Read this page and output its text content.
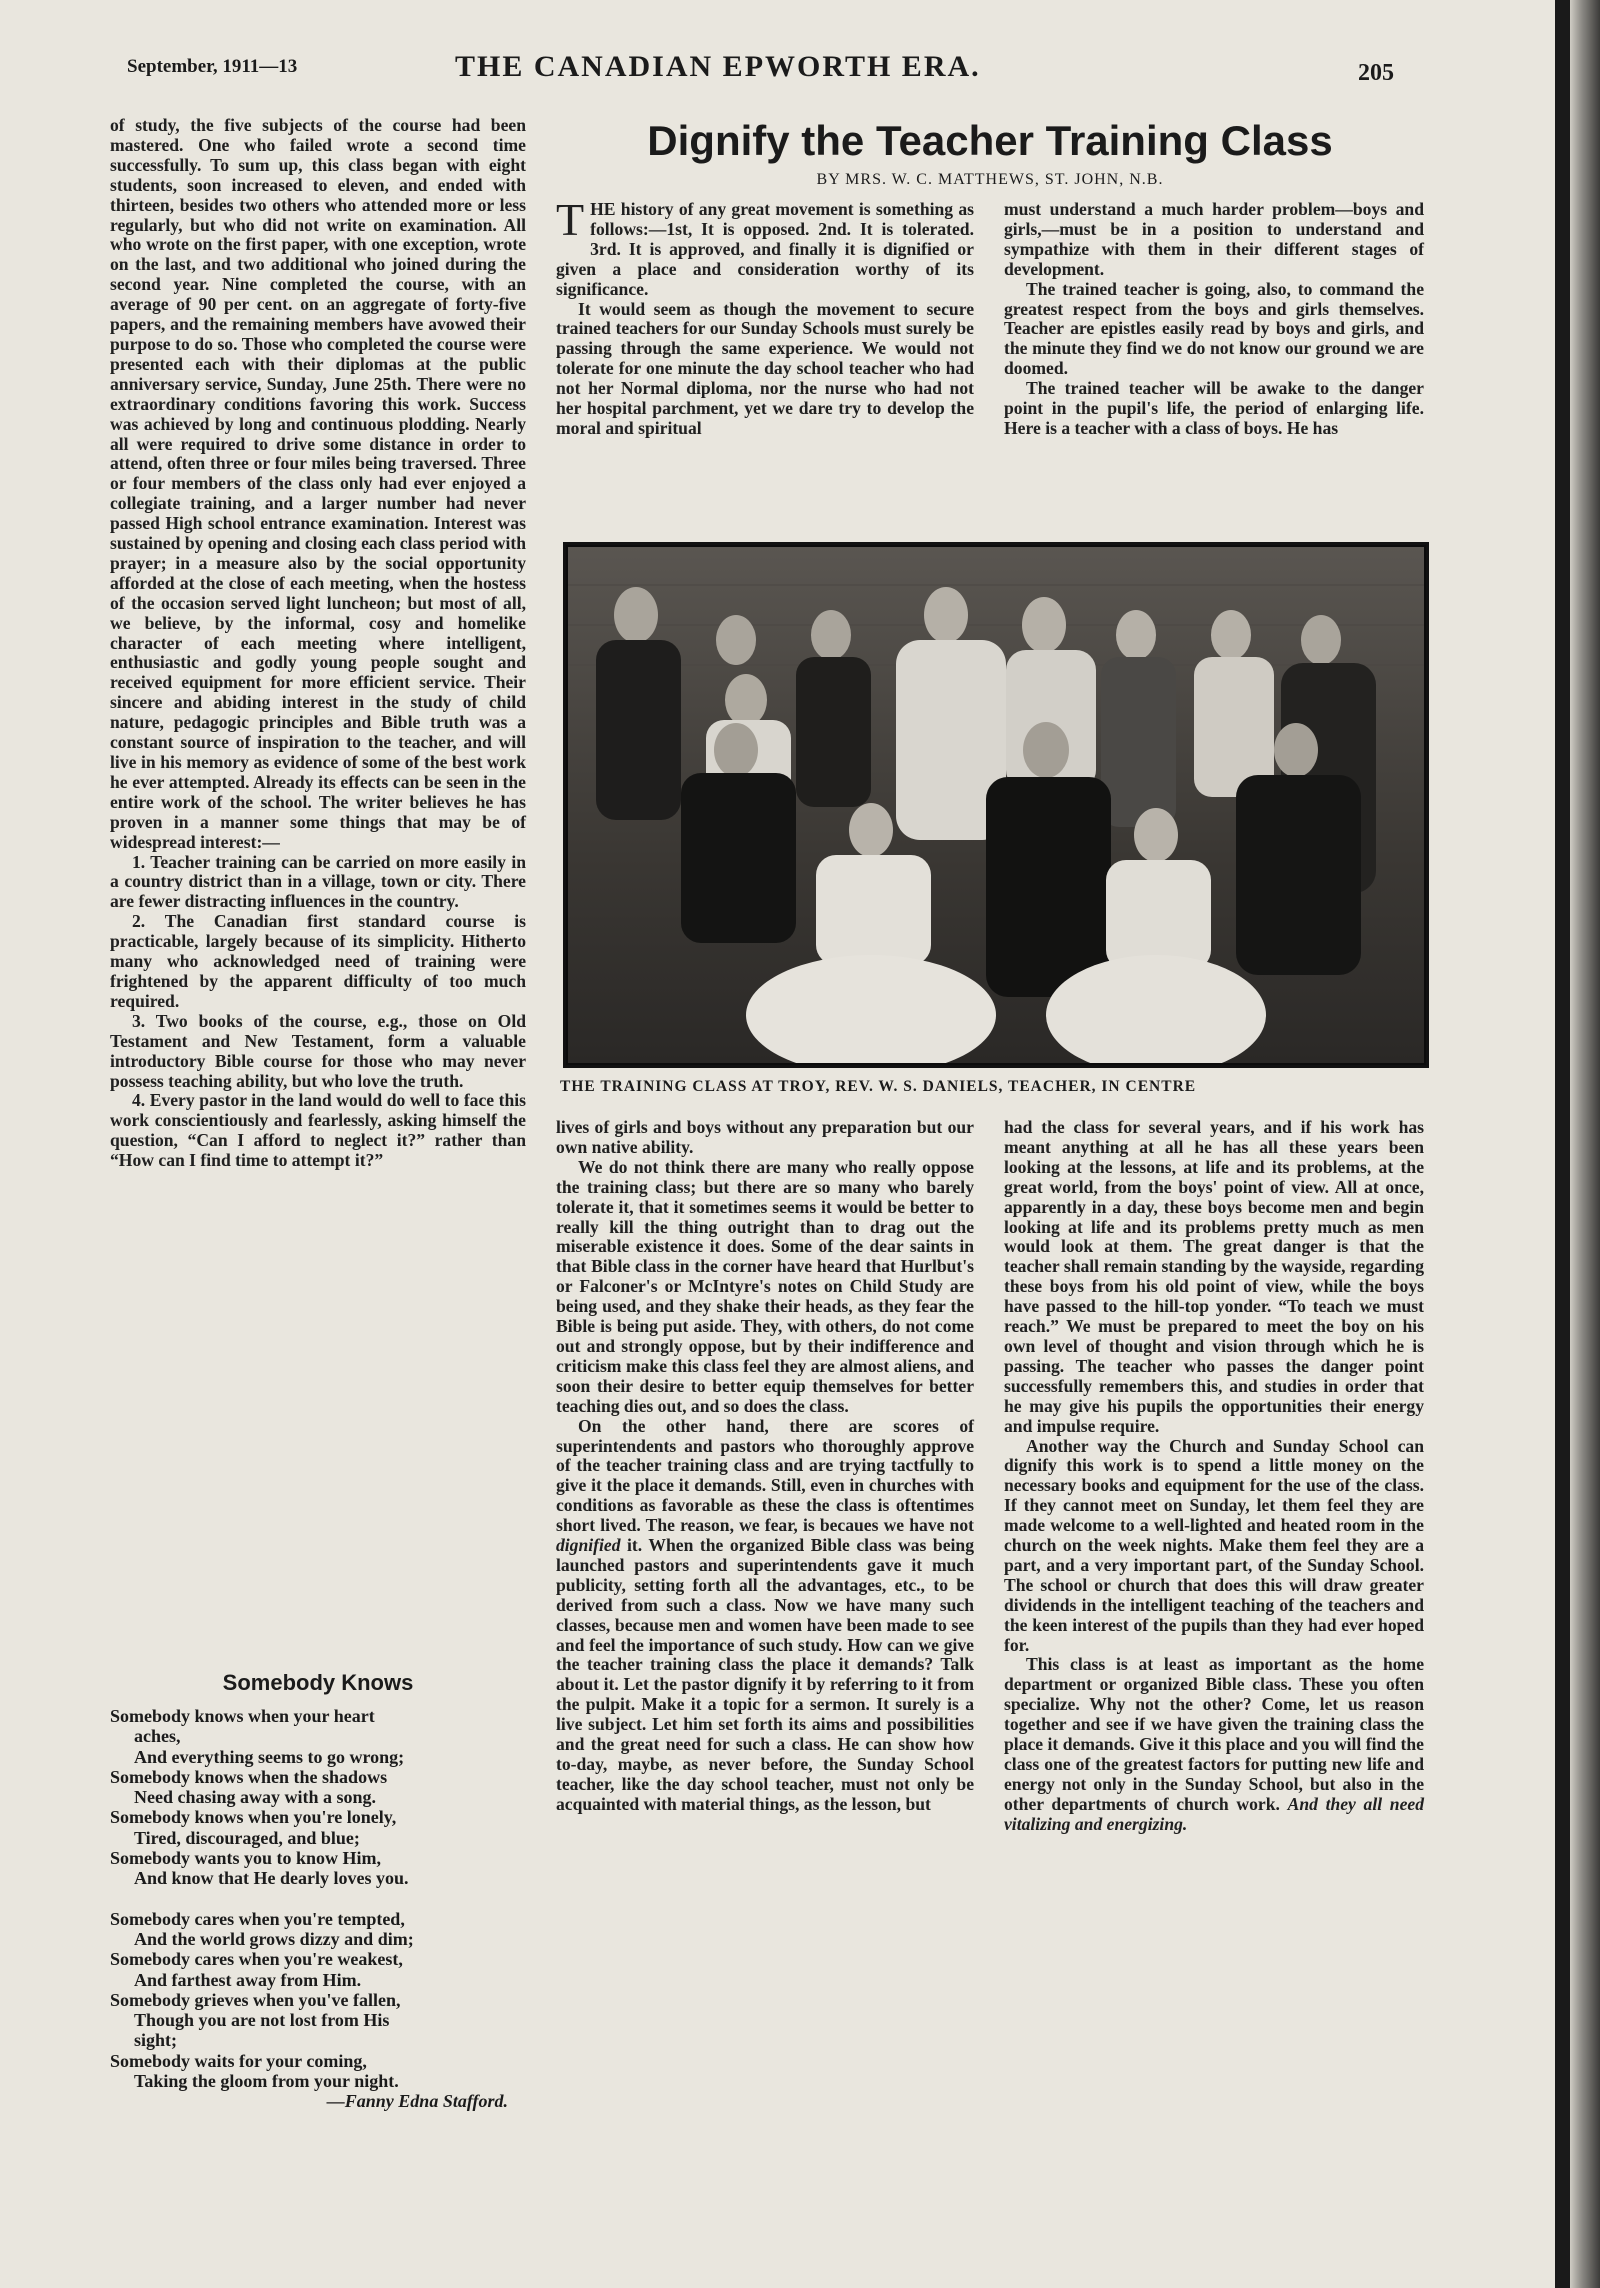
September, 1911—13	THE CANADIAN EPWORTH ERA.	205

of study, the five subjects of the course had been mastered. One who failed wrote a second time successfully. To sum up, this class began with eight students, soon increased to eleven, and ended with thirteen, besides two others who attended more or less regularly, but who did not write on examination. All who wrote on the first paper, with one exception, wrote on the last, and two additional who joined during the second year. Nine completed the course, with an average of 90 per cent. on an aggregate of forty-five papers, and the remaining members have avowed their purpose to do so. Those who completed the course were presented each with their diplomas at the public anniversary service, Sunday, June 25th. There were no extraordinary conditions favoring this work. Success was achieved by long and continuous plodding. Nearly all were required to drive some distance in order to attend, often three or four miles being traversed. Three or four members of the class only had ever enjoyed a collegiate training, and a larger number had never passed High school entrance examination. Interest was sustained by opening and closing each class period with prayer; in a measure also by the social opportunity afforded at the close of each meeting, when the hostess of the occasion served light luncheon; but most of all, we believe, by the informal, cosy and homelike character of each meeting where intelligent, enthusiastic and godly young people sought and received equipment for more efficient service. Their sincere and abiding interest in the study of child nature, pedagogic principles and Bible truth was a constant source of inspiration to the teacher, and will live in his memory as evidence of some of the best work he ever attempted. Already its effects can be seen in the entire work of the school. The writer believes he has proven in a manner some things that may be of widespread interest:—

1. Teacher training can be carried on more easily in a country district than in a village, town or city. There are fewer distracting influences in the country.

2. The Canadian first standard course is practicable, largely because of its simplicity. Hitherto many who acknowledged need of training were frightened by the apparent difficulty of too much required.

3. Two books of the course, e.g., those on Old Testament and New Testament, form a valuable introductory Bible course for those who may never possess teaching ability, but who love the truth.

4. Every pastor in the land would do well to face this work conscientiously and fearlessly, asking himself the question, “Can I afford to neglect it?” rather than “How can I find time to attempt it?”

Dignify the Teacher Training Class
BY MRS. W. C. MATTHEWS, ST. JOHN, N.B.

THE history of any great movement is something as follows:—1st, It is opposed. 2nd. It is tolerated. 3rd. It is approved, and finally it is dignified or given a place and consideration worthy of its significance.

It would seem as though the movement to secure trained teachers for our Sunday Schools must surely be passing through the same experience. We would not tolerate for one minute the day school teacher who had not her Normal diploma, nor the nurse who had not her hospital parchment, yet we dare try to develop the moral and spiritual

must understand a much harder problem—boys and girls,—must be in a position to understand and sympathize with them in their different stages of development.

The trained teacher is going, also, to command the greatest respect from the boys and girls themselves. Teacher are epistles easily read by boys and girls, and the minute they find we do not know our ground we are doomed.

The trained teacher will be awake to the danger point in the pupil's life, the period of enlarging life. Here is a teacher with a class of boys. He has

THE TRAINING CLASS AT TROY, REV. W. S. DANIELS, TEACHER, IN CENTRE

lives of girls and boys without any preparation but our own native ability.

We do not think there are many who really oppose the training class; but there are so many who barely tolerate it, that it sometimes seems it would be better to really kill the thing outright than to drag out the miserable existence it does. Some of the dear saints in that Bible class in the corner have heard that Hurlbut's or Falconer's or McIntyre's notes on Child Study are being used, and they shake their heads, as they fear the Bible is being put aside. They, with others, do not come out and strongly oppose, but by their indifference and criticism make this class feel they are almost aliens, and soon their desire to better equip themselves for better teaching dies out, and so does the class.

On the other hand, there are scores of superintendents and pastors who thoroughly approve of the teacher training class and are trying tactfully to give it the place it demands. Still, even in churches with conditions as favorable as these the class is oftentimes short lived. The reason, we fear, is becaues we have not dignified it. When the organized Bible class was being launched pastors and superintendents gave it much publicity, setting forth all the advantages, etc., to be derived from such a class. Now we have many such classes, because men and women have been made to see and feel the importance of such study. How can we give the teacher training class the place it demands? Talk about it. Let the pastor dignify it by referring to it from the pulpit. Make it a topic for a sermon. It surely is a live subject. Let him set forth its aims and possibilities and the great need for such a class. He can show how to-day, maybe, as never before, the Sunday School teacher, like the day school teacher, must not only be acquainted with material things, as the lesson, but

had the class for several years, and if his work has meant anything at all he has all these years been looking at the lessons, at life and its problems, at the great world, from the boys' point of view. All at once, apparently in a day, these boys become men and begin looking at life and its problems pretty much as men would look at them. The great danger is that the teacher shall remain standing by the wayside, regarding these boys from his old point of view, while the boys have passed to the hill-top yonder. “To teach we must reach.” We must be prepared to meet the boy on his own level of thought and vision through which he is passing. The teacher who passes the danger point successfully remembers this, and studies in order that he may give his pupils the opportunities their energy and impulse require.

Another way the Church and Sunday School can dignify this work is to spend a little money on the necessary books and equipment for the use of the class. If they cannot meet on Sunday, let them feel they are made welcome to a well-lighted and heated room in the church on the week nights. Make them feel they are a part, and a very important part, of the Sunday School. The school or church that does this will draw greater dividends in the intelligent teaching of the teachers and the keen interest of the pupils than they had ever hoped for.

This class is at least as important as the home department or organized Bible class. These you often specialize. Why not the other? Come, let us reason together and see if we have given the training class the place it demands. Give it this place and you will find the class one of the greatest factors for putting new life and energy not only in the Sunday School, but also in the other departments of church work. And they all need vitalizing and energizing.

Somebody Knows
Somebody knows when your heart
aches,
And everything seems to go wrong;
Somebody knows when the shadows
Need chasing away with a song.
Somebody knows when you're lonely,
Tired, discouraged, and blue;
Somebody wants you to know Him,
And know that He dearly loves you.
Somebody cares when you're tempted,
And the world grows dizzy and dim;
Somebody cares when you're weakest,
And farthest away from Him.
Somebody grieves when you've fallen,
Though you are not lost from His
sight;
Somebody waits for your coming,
Taking the gloom from your night.
—Fanny Edna Stafford.
